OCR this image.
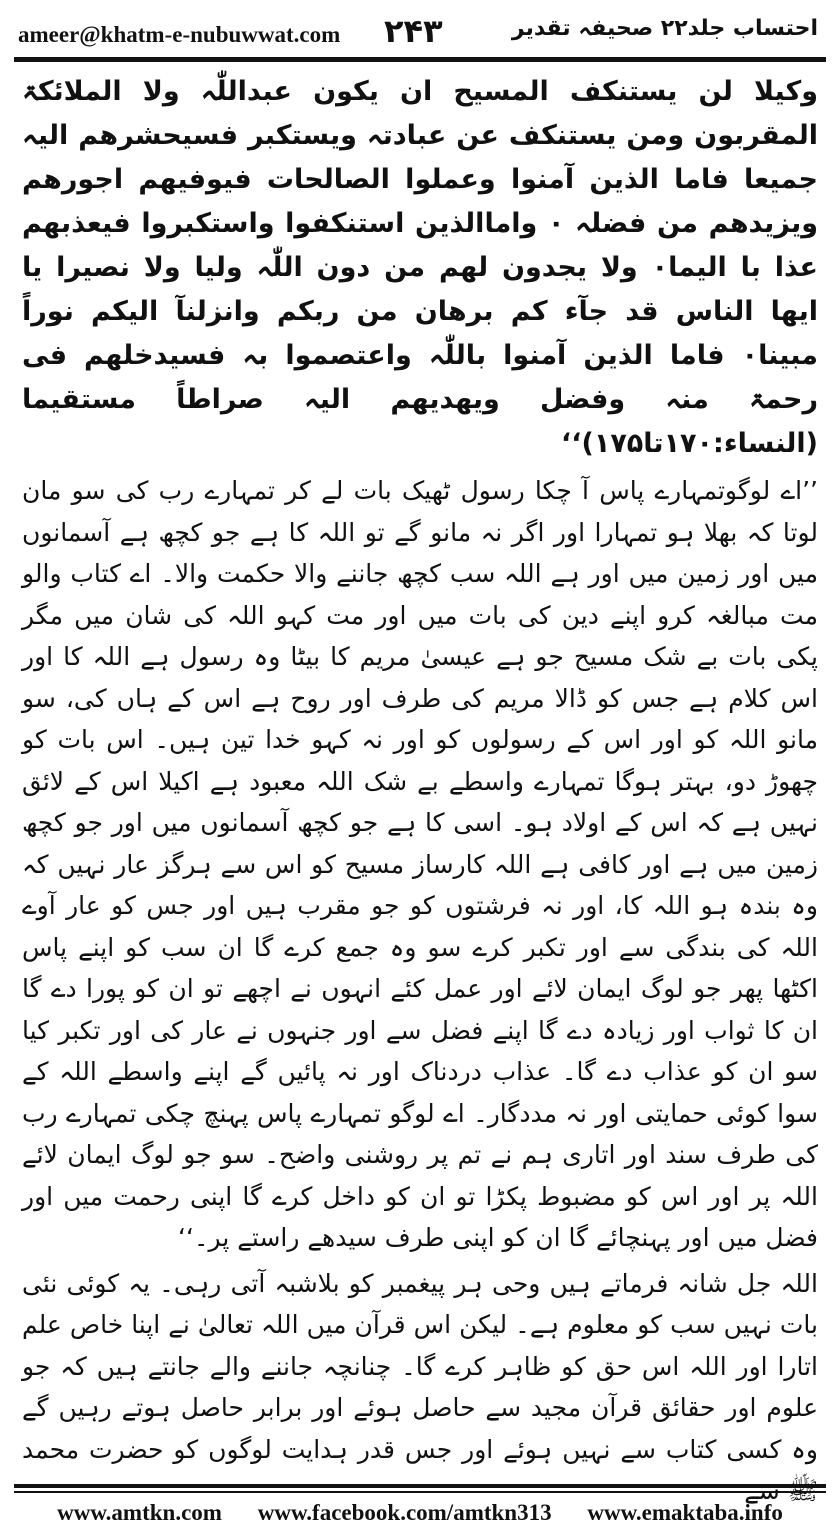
ameer@khatm-e-nubuwwat.com ۲۴۳	احتساب جلد۲۲ صحیفہ تقدیر

وکیلا لن یستنکف المسیح ان یکون عبداللّٰہ ولا الملائکۃ المقربون ومن یستنکف عن عبادتہ ویستکبر فسیحشرھم الیہ جمیعا فاما الذین آمنوا وعملوا الصالحات فیوفیھم اجورھم ویزیدھم من فضلہ ۰ واماالذین استنکفوا واستکبروا فیعذبھم عذا با الیما۰ ولا یجدون لھم من دون اللّٰہ ولیا ولا نصیرا یا ایھا الناس قد جآء کم برھان من ربکم وانزلنآ الیکم نوراً مبینا۰ فاما الذین آمنوا باللّٰہ واعتصموا بہ فسیدخلھم فی رحمۃ منہ وفضل ویھدیھم الیہ صراطاً مستقیما (النساء:۱۷۰تا۱۷۵)‘‘

’’اے لوگوتمہارے پاس آ چکا رسول ٹھیک بات لے کر تمہارے رب کی سو مان لوتا کہ بھلا ہو تمہارا اور اگر نہ مانو گے تو اللہ کا ہے جو کچھ ہے آسمانوں میں اور زمین میں اور ہے اللہ سب کچھ جاننے والا حکمت والا۔ اے کتاب والو مت مبالغہ کرو اپنے دین کی بات میں اور مت کہو اللہ کی شان میں مگر پکی بات بے شک مسیح جو ہے عیسیٰ مریم کا بیٹا وہ رسول ہے اللہ کا اور اس کلام ہے جس کو ڈالا مریم کی طرف اور روح ہے اس کے ہاں کی، سو مانو اللہ کو اور اس کے رسولوں کو اور نہ کہو خدا تین ہیں۔ اس بات کو چھوڑ دو، بہتر ہوگا تمہارے واسطے بے شک اللہ معبود ہے اکیلا اس کے لائق نہیں ہے کہ اس کے اولاد ہو۔ اسی کا ہے جو کچھ آسمانوں میں اور جو کچھ زمین میں ہے اور کافی ہے اللہ کارساز مسیح کو اس سے ہرگز عار نہیں کہ وہ بندہ ہو اللہ کا، اور نہ فرشتوں کو جو مقرب ہیں اور جس کو عار آوے اللہ کی بندگی سے اور تکبر کرے سو وہ جمع کرے گا ان سب کو اپنے پاس اکٹھا پھر جو لوگ ایمان لائے اور عمل کئے انہوں نے اچھے تو ان کو پورا دے گا ان کا ثواب اور زیادہ دے گا اپنے فضل سے اور جنہوں نے عار کی اور تکبر کیا سو ان کو عذاب دے گا۔ عذاب دردناک اور نہ پائیں گے اپنے واسطے اللہ کے سوا کوئی حمایتی اور نہ مددگار۔ اے لوگو تمہارے پاس پہنچ چکی تمہارے رب کی طرف سند اور اتاری ہم نے تم پر روشنی واضح۔ سو جو لوگ ایمان لائے اللہ پر اور اس کو مضبوط پکڑا تو ان کو داخل کرے گا اپنی رحمت میں اور فضل میں اور پہنچائے گا ان کو اپنی طرف سیدھے راستے پر۔‘‘

اللہ جل شانہ فرماتے ہیں وحی ہر پیغمبر کو بلاشبہ آتی رہی۔ یہ کوئی نئی بات نہیں سب کو معلوم ہے۔ لیکن اس قرآن میں اللہ تعالیٰ نے اپنا خاص علم اتارا اور اللہ اس حق کو ظاہر کرے گا۔ چنانچہ جاننے والے جانتے ہیں کہ جو علوم اور حقائق قرآن مجید سے حاصل ہوئے اور برابر حاصل ہوتے رہیں گے وہ کسی کتاب سے نہیں ہوئے اور جس قدر ہدایت لوگوں کو حضرت محمد

www.amtkn.com www.facebook.com/amtkn313 www.emaktaba.info
